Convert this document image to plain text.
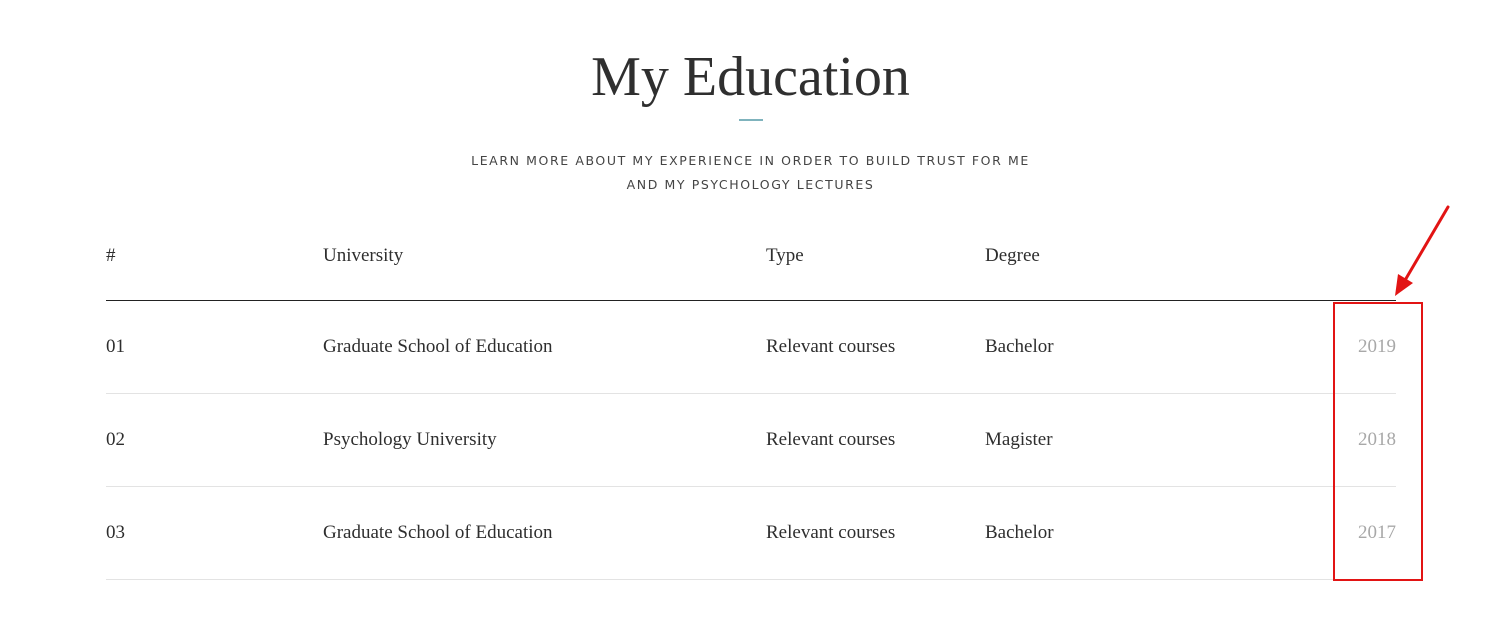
My Education
LEARN MORE ABOUT MY EXPERIENCE IN ORDER TO BUILD TRUST FOR ME
AND MY PSYCHOLOGY LECTURES
#	University	Type	Degree
01	Graduate School of Education	Relevant courses	Bachelor	2019
02	Psychology University	Relevant courses	Magister	2018
03	Graduate School of Education	Relevant courses	Bachelor	2017
